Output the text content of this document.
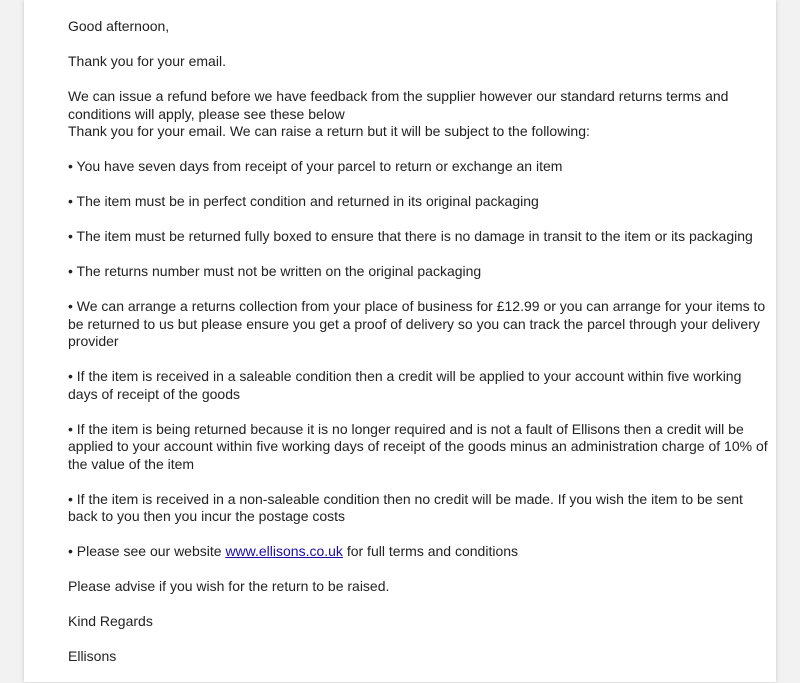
Good afternoon,

Thank you for your email.

We can issue a refund before we have feedback from the supplier however our standard returns terms and conditions will apply, please see these below

Thank you for your email. We can raise a return but it will be subject to the following:

• You have seven days from receipt of your parcel to return or exchange an item

• The item must be in perfect condition and returned in its original packaging

• The item must be returned fully boxed to ensure that there is no damage in transit to the item or its packaging

• The returns number must not be written on the original packaging

• We can arrange a returns collection from your place of business for £12.99 or you can arrange for your items to be returned to us but please ensure you get a proof of delivery so you can track the parcel through your delivery provider

• If the item is received in a saleable condition then a credit will be applied to your account within five working days of receipt of the goods

• If the item is being returned because it is no longer required and is not a fault of Ellisons then a credit will be applied to your account within five working days of receipt of the goods minus an administration charge of 10% of the value of the item

• If the item is received in a non-saleable condition then no credit will be made. If you wish the item to be sent back to you then you incur the postage costs

• Please see our website www.ellisons.co.uk for full terms and conditions

Please advise if you wish for the return to be raised.

Kind Regards

Ellisons
